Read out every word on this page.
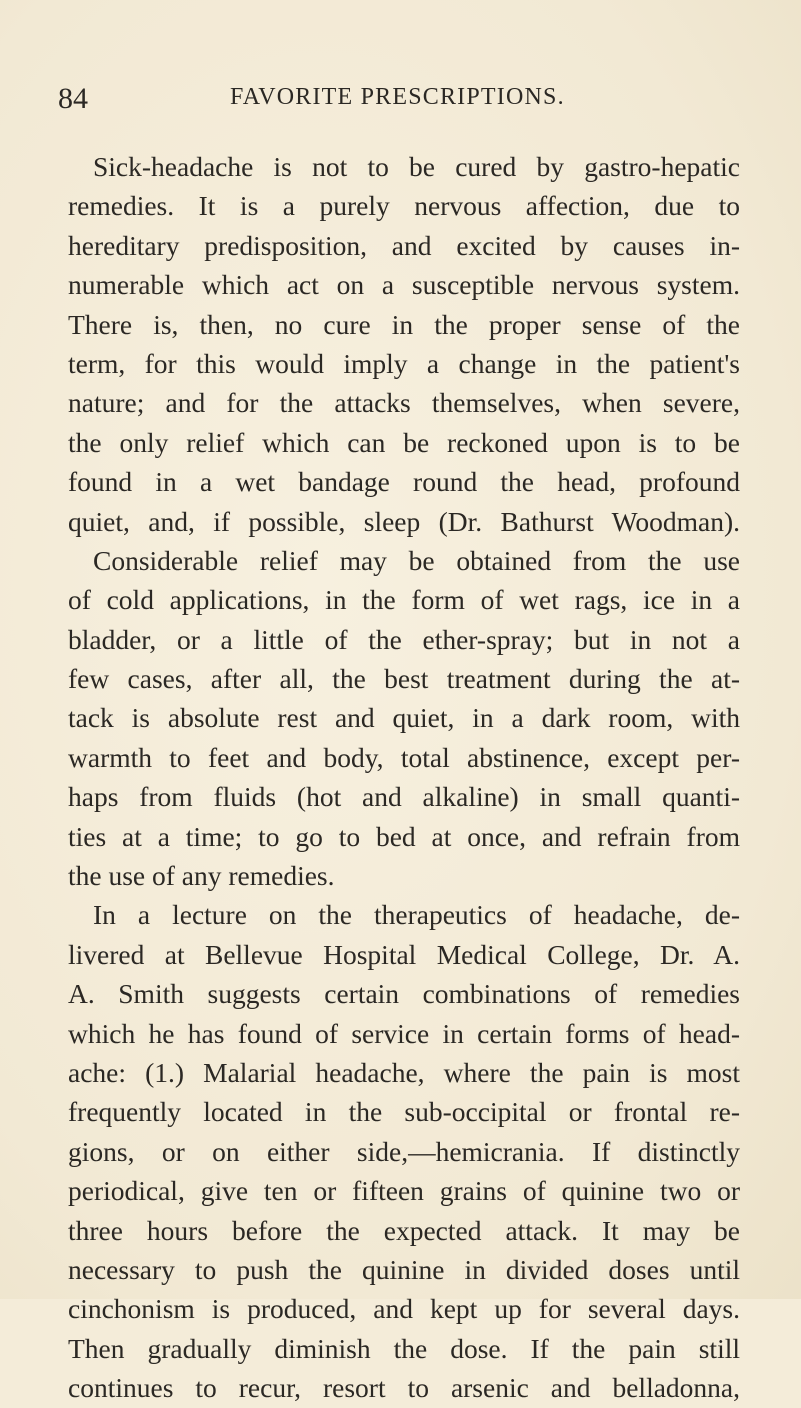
84	FAVORITE PRESCRIPTIONS.
Sick-headache is not to be cured by gastro-hepatic
remedies. It is a purely nervous affection, due to
hereditary predisposition, and excited by causes in-
numerable which act on a susceptible nervous system.
There is, then, no cure in the proper sense of the
term, for this would imply a change in the patient's
nature; and for the attacks themselves, when severe,
the only relief which can be reckoned upon is to be
found in a wet bandage round the head, profound
quiet, and, if possible, sleep (Dr. Bathurst Woodman).
Considerable relief may be obtained from the use
of cold applications, in the form of wet rags, ice in a
bladder, or a little of the ether-spray; but in not a
few cases, after all, the best treatment during the at-
tack is absolute rest and quiet, in a dark room, with
warmth to feet and body, total abstinence, except per-
haps from fluids (hot and alkaline) in small quanti-
ties at a time; to go to bed at once, and refrain from
the use of any remedies.
In a lecture on the therapeutics of headache, de-
livered at Bellevue Hospital Medical College, Dr. A.
A. Smith suggests certain combinations of remedies
which he has found of service in certain forms of head-
ache: (1.) Malarial headache, where the pain is most
frequently located in the sub-occipital or frontal re-
gions, or on either side,—hemicrania. If distinctly
periodical, give ten or fifteen grains of quinine two or
three hours before the expected attack. It may be
necessary to push the quinine in divided doses until
cinchonism is produced, and kept up for several days.
Then gradually diminish the dose. If the pain still
continues to recur, resort to arsenic and belladonna,
